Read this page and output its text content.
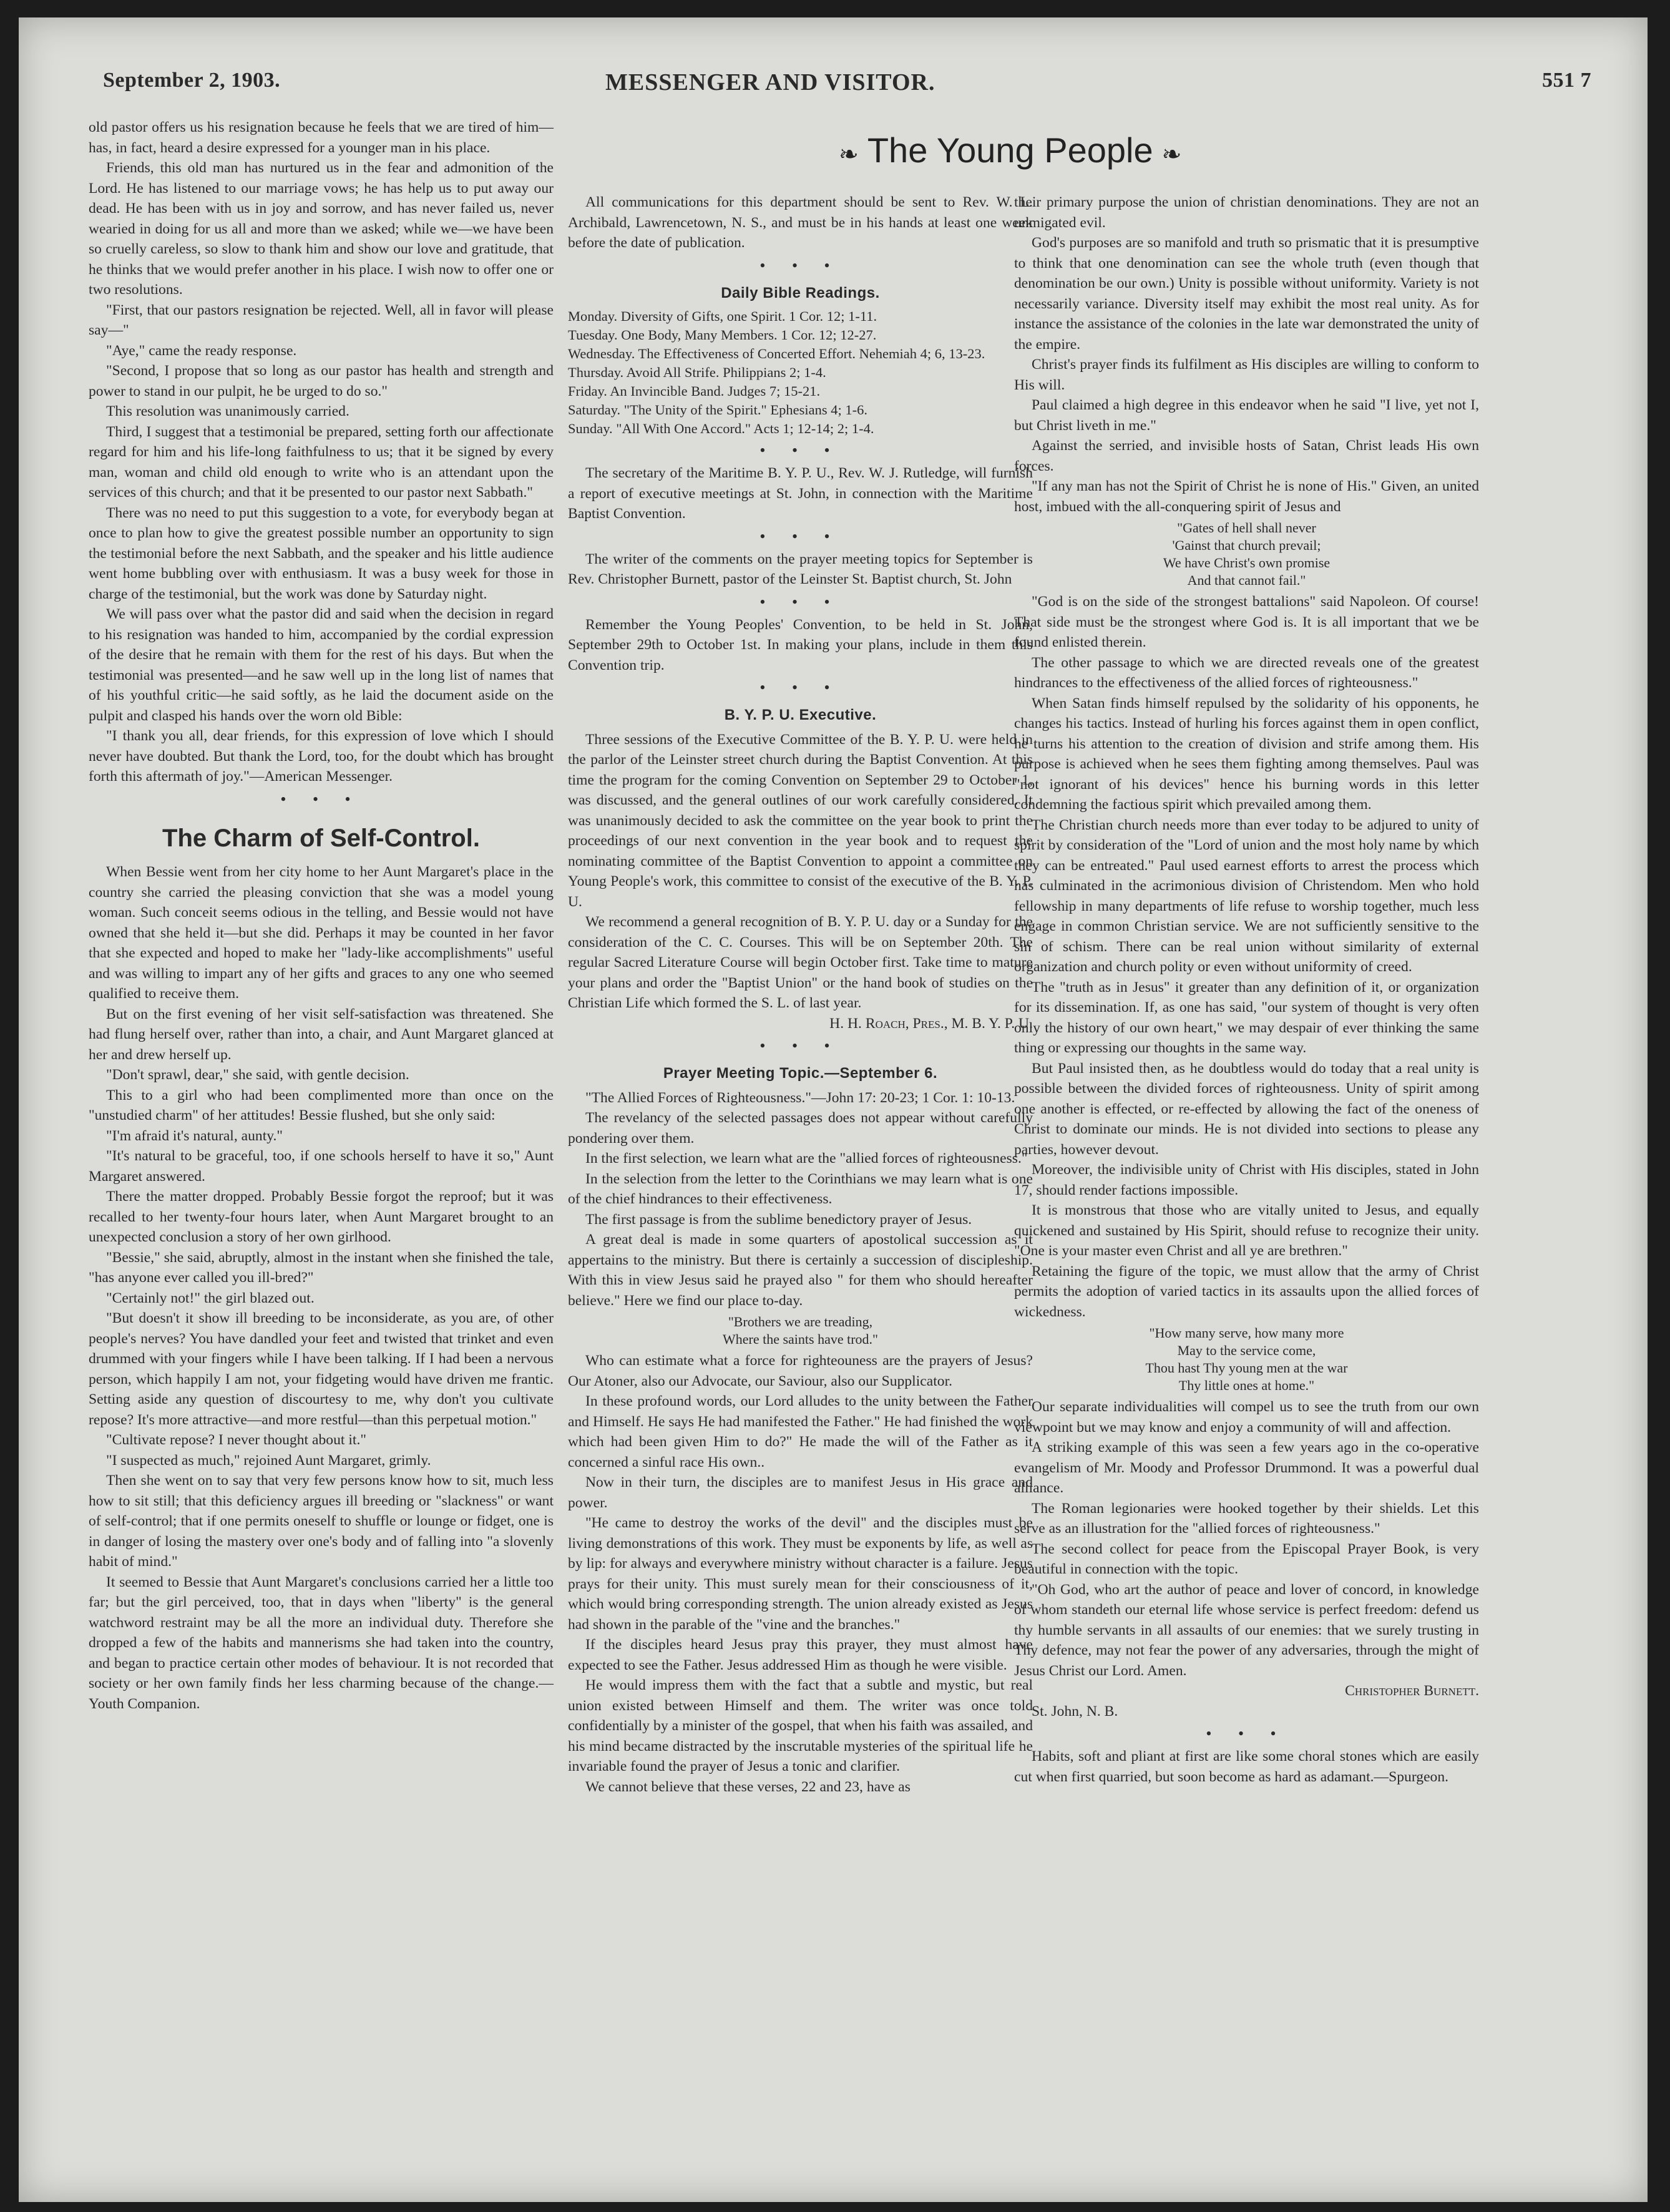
September 2, 1903.	MESSENGER AND VISITOR.	551 7

old pastor offers us his resignation because he feels that we are tired of him—has, in fact, heard a desire expressed for a younger man in his place.

Friends, this old man has nurtured us in the fear and admonition of the Lord. He has listened to our marriage vows; he has help us to put away our dead. He has been with us in joy and sorrow, and has never failed us, never wearied in doing for us all and more than we asked; while we—we have been so cruelly careless, so slow to thank him and show our love and gratitude, that he thinks that we would prefer another in his place. I wish now to offer one or two resolutions.

"First, that our pastors resignation be rejected. Well, all in favor will please say—"

"Aye," came the ready response.

"Second, I propose that so long as our pastor has health and strength and power to stand in our pulpit, he be urged to do so."

This resolution was unanimously carried.

Third, I suggest that a testimonial be prepared, setting forth our affectionate regard for him and his life-long faithfulness to us; that it be signed by every man, woman and child old enough to write who is an attendant upon the services of this church; and that it be presented to our pastor next Sabbath."

There was no need to put this suggestion to a vote, for everybody began at once to plan how to give the greatest possible number an opportunity to sign the testimonial before the next Sabbath, and the speaker and his little audience went home bubbling over with enthusiasm. It was a busy week for those in charge of the testimonial, but the work was done by Saturday night.

We will pass over what the pastor did and said when the decision in regard to his resignation was handed to him, accompanied by the cordial expression of the desire that he remain with them for the rest of his days. But when the testimonial was presented—and he saw well up in the long list of names that of his youthful critic—he said softly, as he laid the document aside on the pulpit and clasped his hands over the worn old Bible:

"I thank you all, dear friends, for this expression of love which I should never have doubted. But thank the Lord, too, for the doubt which has brought forth this aftermath of joy."—American Messenger.

• • •

The Charm of Self-Control.

When Bessie went from her city home to her Aunt Margaret's place in the country she carried the pleasing conviction that she was a model young woman. Such conceit seems odious in the telling, and Bessie would not have owned that she held it—but she did. Perhaps it may be counted in her favor that she expected and hoped to make her "lady-like accomplishments" useful and was willing to impart any of her gifts and graces to any one who seemed qualified to receive them.

But on the first evening of her visit self-satisfaction was threatened. She had flung herself over, rather than into, a chair, and Aunt Margaret glanced at her and drew herself up.

"Don't sprawl, dear," she said, with gentle decision.

This to a girl who had been complimented more than once on the "unstudied charm" of her attitudes! Bessie flushed, but she only said:

"I'm afraid it's natural, aunty."

"It's natural to be graceful, too, if one schools herself to have it so," Aunt Margaret answered.

There the matter dropped. Probably Bessie forgot the reproof; but it was recalled to her twenty-four hours later, when Aunt Margaret brought to an unexpected conclusion a story of her own girlhood.

"Bessie," she said, abruptly, almost in the instant when she finished the tale, "has anyone ever called you ill-bred?"

"Certainly not!" the girl blazed out.

"But doesn't it show ill breeding to be inconsiderate, as you are, of other people's nerves? You have dandled your feet and twisted that trinket and even drummed with your fingers while I have been talking. If I had been a nervous person, which happily I am not, your fidgeting would have driven me frantic. Setting aside any question of discourtesy to me, why don't you cultivate repose? It's more attractive—and more restful—than this perpetual motion."

"Cultivate repose? I never thought about it."

"I suspected as much," rejoined Aunt Margaret, grimly.

Then she went on to say that very few persons know how to sit, much less how to sit still; that this deficiency argues ill breeding or "slackness" or want of self-control; that if one permits oneself to shuffle or lounge or fidget, one is in danger of losing the mastery over one's body and of falling into "a slovenly habit of mind."

It seemed to Bessie that Aunt Margaret's conclusions carried her a little too far; but the girl perceived, too, that in days when "liberty" is the general watchword restraint may be all the more an individual duty. Therefore she dropped a few of the habits and mannerisms she had taken into the country, and began to practice certain other modes of behaviour. It is not recorded that society or her own family finds her less charming because of the change.—Youth Companion.

❧ The Young People ❧

All communications for this department should be sent to Rev. W. L. Archibald, Lawrencetown, N. S., and must be in his hands at least one week before the date of publication.

• • •

Daily Bible Readings.

Monday. Diversity of Gifts, one Spirit. 1 Cor. 12; 1-11.

Tuesday. One Body, Many Members. 1 Cor. 12; 12-27.

Wednesday. The Effectiveness of Concerted Effort. Nehemiah 4; 6, 13-23.

Thursday. Avoid All Strife. Philippians 2; 1-4.

Friday. An Invincible Band. Judges 7; 15-21.

Saturday. "The Unity of the Spirit." Ephesians 4; 1-6.

Sunday. "All With One Accord." Acts 1; 12-14; 2; 1-4.

• • •

The secretary of the Maritime B. Y. P. U., Rev. W. J. Rutledge, will furnish a report of executive meetings at St. John, in connection with the Maritime Baptist Convention.

• • •

The writer of the comments on the prayer meeting topics for September is Rev. Christopher Burnett, pastor of the Leinster St. Baptist church, St. John

• • •

Remember the Young Peoples' Convention, to be held in St. John, September 29th to October 1st. In making your plans, include in them this Convention trip.

• • •

B. Y. P. U. Executive.

Three sessions of the Executive Committee of the B. Y. P. U. were held in the parlor of the Leinster street church during the Baptist Convention. At this time the program for the coming Convention on September 29 to October 1, was discussed, and the general outlines of our work carefully considered. It was unanimously decided to ask the committee on the year book to print the proceedings of our next convention in the year book and to request the nominating committee of the Baptist Convention to appoint a committee on Young People's work, this committee to consist of the executive of the B. Y. P. U.

We recommend a general recognition of B. Y. P. U. day or a Sunday for the consideration of the C. C. Courses. This will be on September 20th. The regular Sacred Literature Course will begin October first. Take time to mature your plans and order the "Baptist Union" or the hand book of studies on the Christian Life which formed the S. L. of last year.

H. H. Roach, Pres., M. B. Y. P. U.

• • •

Prayer Meeting Topic.—September 6.

"The Allied Forces of Righteousness."—John 17: 20-23; 1 Cor. 1: 10-13.

The revelancy of the selected passages does not appear without carefully pondering over them.

In the first selection, we learn what are the "allied forces of righteousness."

In the selection from the letter to the Corinthians we may learn what is one of the chief hindrances to their effectiveness.

The first passage is from the sublime benedictory prayer of Jesus.

A great deal is made in some quarters of apostolical succession as it appertains to the ministry. But there is certainly a succession of discipleship. With this in view Jesus said he prayed also " for them who should hereafter believe." Here we find our place to-day.

"Brothers we are treading,
Where the saints have trod."

Who can estimate what a force for righteouness are the prayers of Jesus? Our Atoner, also our Advocate, our Saviour, also our Supplicator.

In these profound words, our Lord alludes to the unity between the Father and Himself. He says He had manifested the Father." He had finished the work which had been given Him to do?" He made the will of the Father as it concerned a sinful race His own..

Now in their turn, the disciples are to manifest Jesus in His grace and power.

"He came to destroy the works of the devil" and the disciples must be living demonstrations of this work. They must be exponents by life, as well as by lip: for always and everywhere ministry without character is a failure. Jesus prays for their unity. This must surely mean for their consciousness of it, which would bring corresponding strength. The union already existed as Jesus had shown in the parable of the "vine and the branches."

If the disciples heard Jesus pray this prayer, they must almost have expected to see the Father. Jesus addressed Him as though he were visible.

He would impress them with the fact that a subtle and mystic, but real union existed between Himself and them. The writer was once told confidentially by a minister of the gospel, that when his faith was assailed, and his mind became distracted by the inscrutable mysteries of the spiritual life he invariable found the prayer of Jesus a tonic and clarifier.

We cannot believe that these verses, 22 and 23, have as

their primary purpose the union of christian denominations. They are not an unmigated evil.

God's purposes are so manifold and truth so prismatic that it is presumptive to think that one denomination can see the whole truth (even though that denomination be our own.) Unity is possible without uniformity. Variety is not necessarily variance. Diversity itself may exhibit the most real unity. As for instance the assistance of the colonies in the late war demonstrated the unity of the empire.

Christ's prayer finds its fulfilment as His disciples are willing to conform to His will.

Paul claimed a high degree in this endeavor when he said "I live, yet not I, but Christ liveth in me."

Against the serried, and invisible hosts of Satan, Christ leads His own forces.

"If any man has not the Spirit of Christ he is none of His." Given, an united host, imbued with the all-conquering spirit of Jesus and

"Gates of hell shall never
'Gainst that church prevail;
We have Christ's own promise
And that cannot fail."

"God is on the side of the strongest battalions" said Napoleon. Of course! That side must be the strongest where God is. It is all important that we be found enlisted therein.

The other passage to which we are directed reveals one of the greatest hindrances to the effectiveness of the allied forces of righteousness."

When Satan finds himself repulsed by the solidarity of his opponents, he changes his tactics. Instead of hurling his forces against them in open conflict, he turns his attention to the creation of division and strife among them. His purpose is achieved when he sees them fighting among themselves. Paul was "not ignorant of his devices" hence his burning words in this letter condemning the factious spirit which prevailed among them.

The Christian church needs more than ever today to be adjured to unity of spirit by consideration of the "Lord of union and the most holy name by which they can be entreated." Paul used earnest efforts to arrest the process which has culminated in the acrimonious division of Christendom. Men who hold fellowship in many departments of life refuse to worship together, much less engage in common Christian service. We are not sufficiently sensitive to the sin of schism. There can be real union without similarity of external organization and church polity or even without uniformity of creed.

The "truth as in Jesus" it greater than any definition of it, or organization for its dissemination. If, as one has said, "our system of thought is very often only the history of our own heart," we may despair of ever thinking the same thing or expressing our thoughts in the same way.

But Paul insisted then, as he doubtless would do today that a real unity is possible between the divided forces of righteousness. Unity of spirit among one another is effected, or re-effected by allowing the fact of the oneness of Christ to dominate our minds. He is not divided into sections to please any parties, however devout.

Moreover, the indivisible unity of Christ with His disciples, stated in John 17, should render factions impossible.

It is monstrous that those who are vitally united to Jesus, and equally quickened and sustained by His Spirit, should refuse to recognize their unity. "One is your master even Christ and all ye are brethren."

Retaining the figure of the topic, we must allow that the army of Christ permits the adoption of varied tactics in its assaults upon the allied forces of wickedness.

"How many serve, how many more
May to the service come,
Thou hast Thy young men at the war
Thy little ones at home."

Our separate individualities will compel us to see the truth from our own viewpoint but we may know and enjoy a community of will and affection.

A striking example of this was seen a few years ago in the co-operative evangelism of Mr. Moody and Professor Drummond. It was a powerful dual alliance.

The Roman legionaries were hooked together by their shields. Let this serve as an illustration for the "allied forces of righteousness."

The second collect for peace from the Episcopal Prayer Book, is very beautiful in connection with the topic.

"Oh God, who art the author of peace and lover of concord, in knowledge of whom standeth our eternal life whose service is perfect freedom: defend us thy humble servants in all assaults of our enemies: that we surely trusting in Thy defence, may not fear the power of any adversaries, through the might of Jesus Christ our Lord. Amen.

Christopher Burnett.

St. John, N. B.

• • •

Habits, soft and pliant at first are like some choral stones which are easily cut when first quarried, but soon become as hard as adamant.—Spurgeon.
